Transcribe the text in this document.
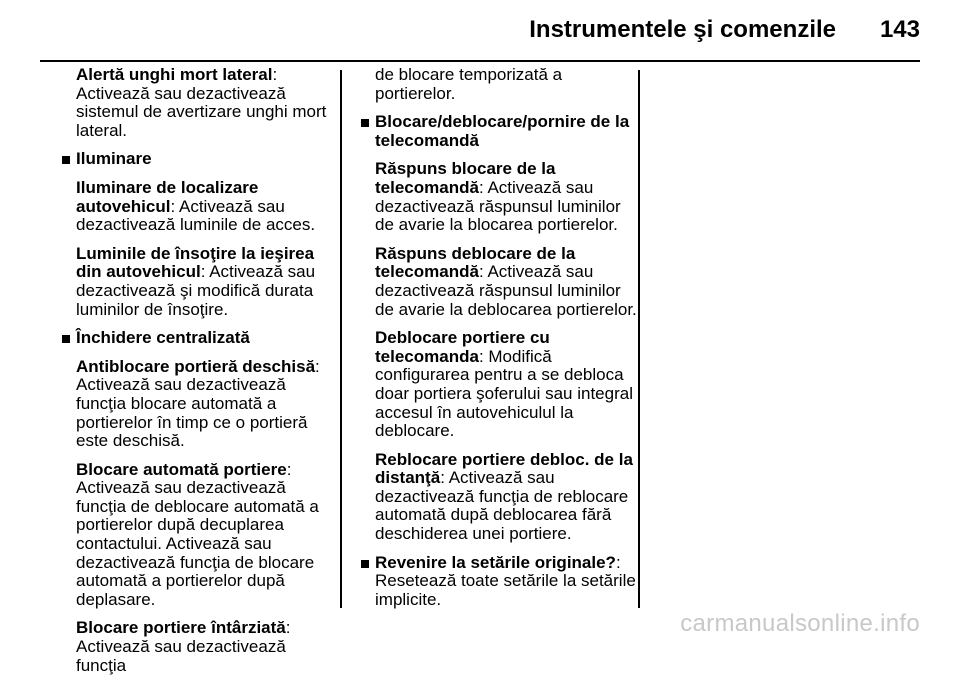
Instrumentele şi comenzile 143
Alertă unghi mort lateral: Activează sau dezactivează sistemul de avertizare unghi mort lateral.
Iluminare
Iluminare de localizare autovehicul: Activează sau dezactivează luminile de acces.
Luminile de însoţire la ieşirea din autovehicul: Activează sau dezactivează şi modifică durata luminilor de însoţire.
Închidere centralizată
Antiblocare portieră deschisă: Activează sau dezactivează funcţia blocare automată a portierelor în timp ce o portieră este deschisă.
Blocare automată portiere: Activează sau dezactivează funcţia de deblocare automată a portierelor după decuplarea contactului. Activează sau dezactivează funcţia de blocare automată a portierelor după deplasare.
Blocare portiere întârziată: Activează sau dezactivează funcţia
de blocare temporizată a portierelor.
Blocare/deblocare/pornire de la telecomandă
Răspuns blocare de la telecomandă: Activează sau dezactivează răspunsul luminilor de avarie la blocarea portierelor.
Răspuns deblocare de la telecomandă: Activează sau dezactivează răspunsul luminilor de avarie la deblocarea portierelor.
Deblocare portiere cu telecomanda: Modifică configurarea pentru a se debloca doar portiera şoferului sau integral accesul în autovehiculul la deblocare.
Reblocare portiere debloc. de la distanţă: Activează sau dezactivează funcţia de reblocare automată după deblocarea fără deschiderea unei portiere.
Revenire la setările originale?: Resetează toate setările la setările implicite.
carmanualsonline.info
